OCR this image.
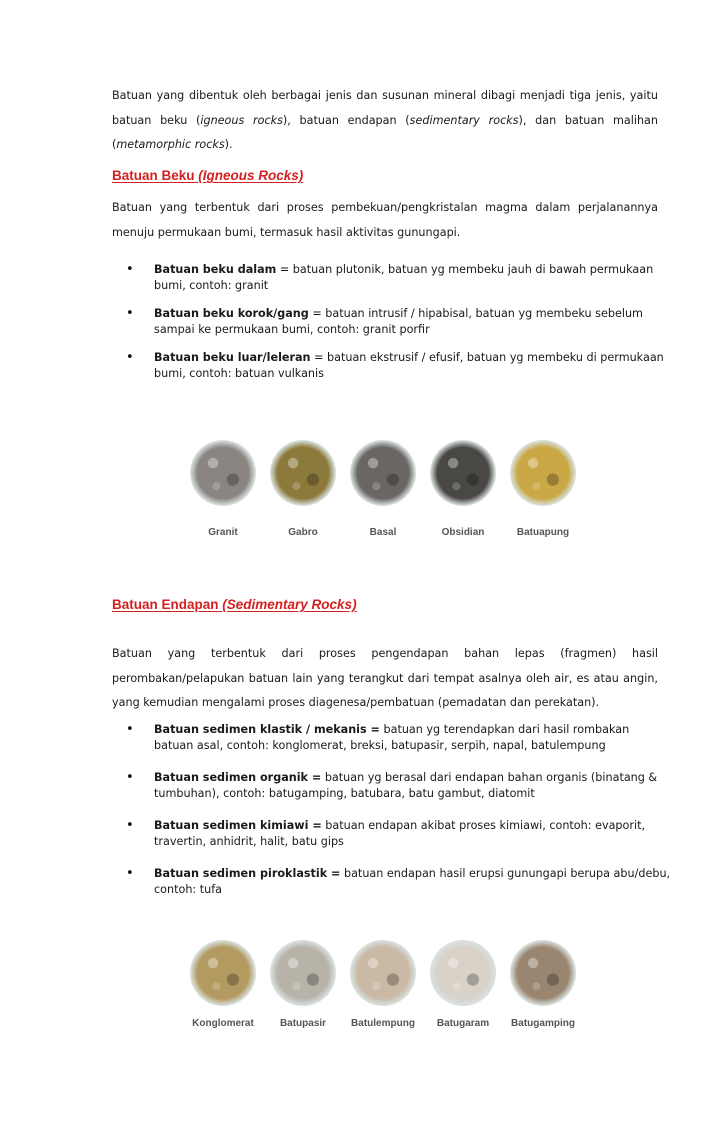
Batuan yang dibentuk oleh berbagai jenis dan susunan mineral dibagi menjadi tiga jenis, yaitu batuan beku (igneous rocks), batuan endapan (sedimentary rocks), dan batuan malihan (metamorphic rocks).

Batuan Beku (Igneous Rocks)

Batuan yang terbentuk dari proses pembekuan/pengkristalan magma dalam perjalanannya menuju permukaan bumi, termasuk hasil aktivitas gunungapi.

• Batuan beku dalam = batuan plutonik, batuan yg membeku jauh di bawah permukaan bumi, contoh: granit
• Batuan beku korok/gang = batuan intrusif / hipabisal, batuan yg membeku sebelum sampai ke permukaan bumi, contoh: granit porfir
• Batuan beku luar/leleran = batuan ekstrusif / efusif, batuan yg membeku di permukaan bumi, contoh: batuan vulkanis
Granit	Gabro	Basal	Obsidian	Batuapung
Batuan Endapan (Sedimentary Rocks)

Batuan yang terbentuk dari proses pengendapan bahan lepas (fragmen) hasil perombakan/pelapukan batuan lain yang terangkut dari tempat asalnya oleh air, es atau angin, yang kemudian mengalami proses diagenesa/pembatuan (pemadatan dan perekatan).

• Batuan sedimen klastik / mekanis = batuan yg terendapkan dari hasil rombakan batuan asal, contoh: konglomerat, breksi, batupasir, serpih, napal, batulempung
• Batuan sedimen organik = batuan yg berasal dari endapan bahan organis (binatang & tumbuhan), contoh: batugamping, batubara, batu gambut, diatomit
• Batuan sedimen kimiawi = batuan endapan akibat proses kimiawi, contoh: evaporit, travertin, anhidrit, halit, batu gips
• Batuan sedimen piroklastik = batuan endapan hasil erupsi gunungapi berupa abu/debu, contoh: tufa
Konglomerat	Batupasir	Batulempung	Batugaram	Batugamping
